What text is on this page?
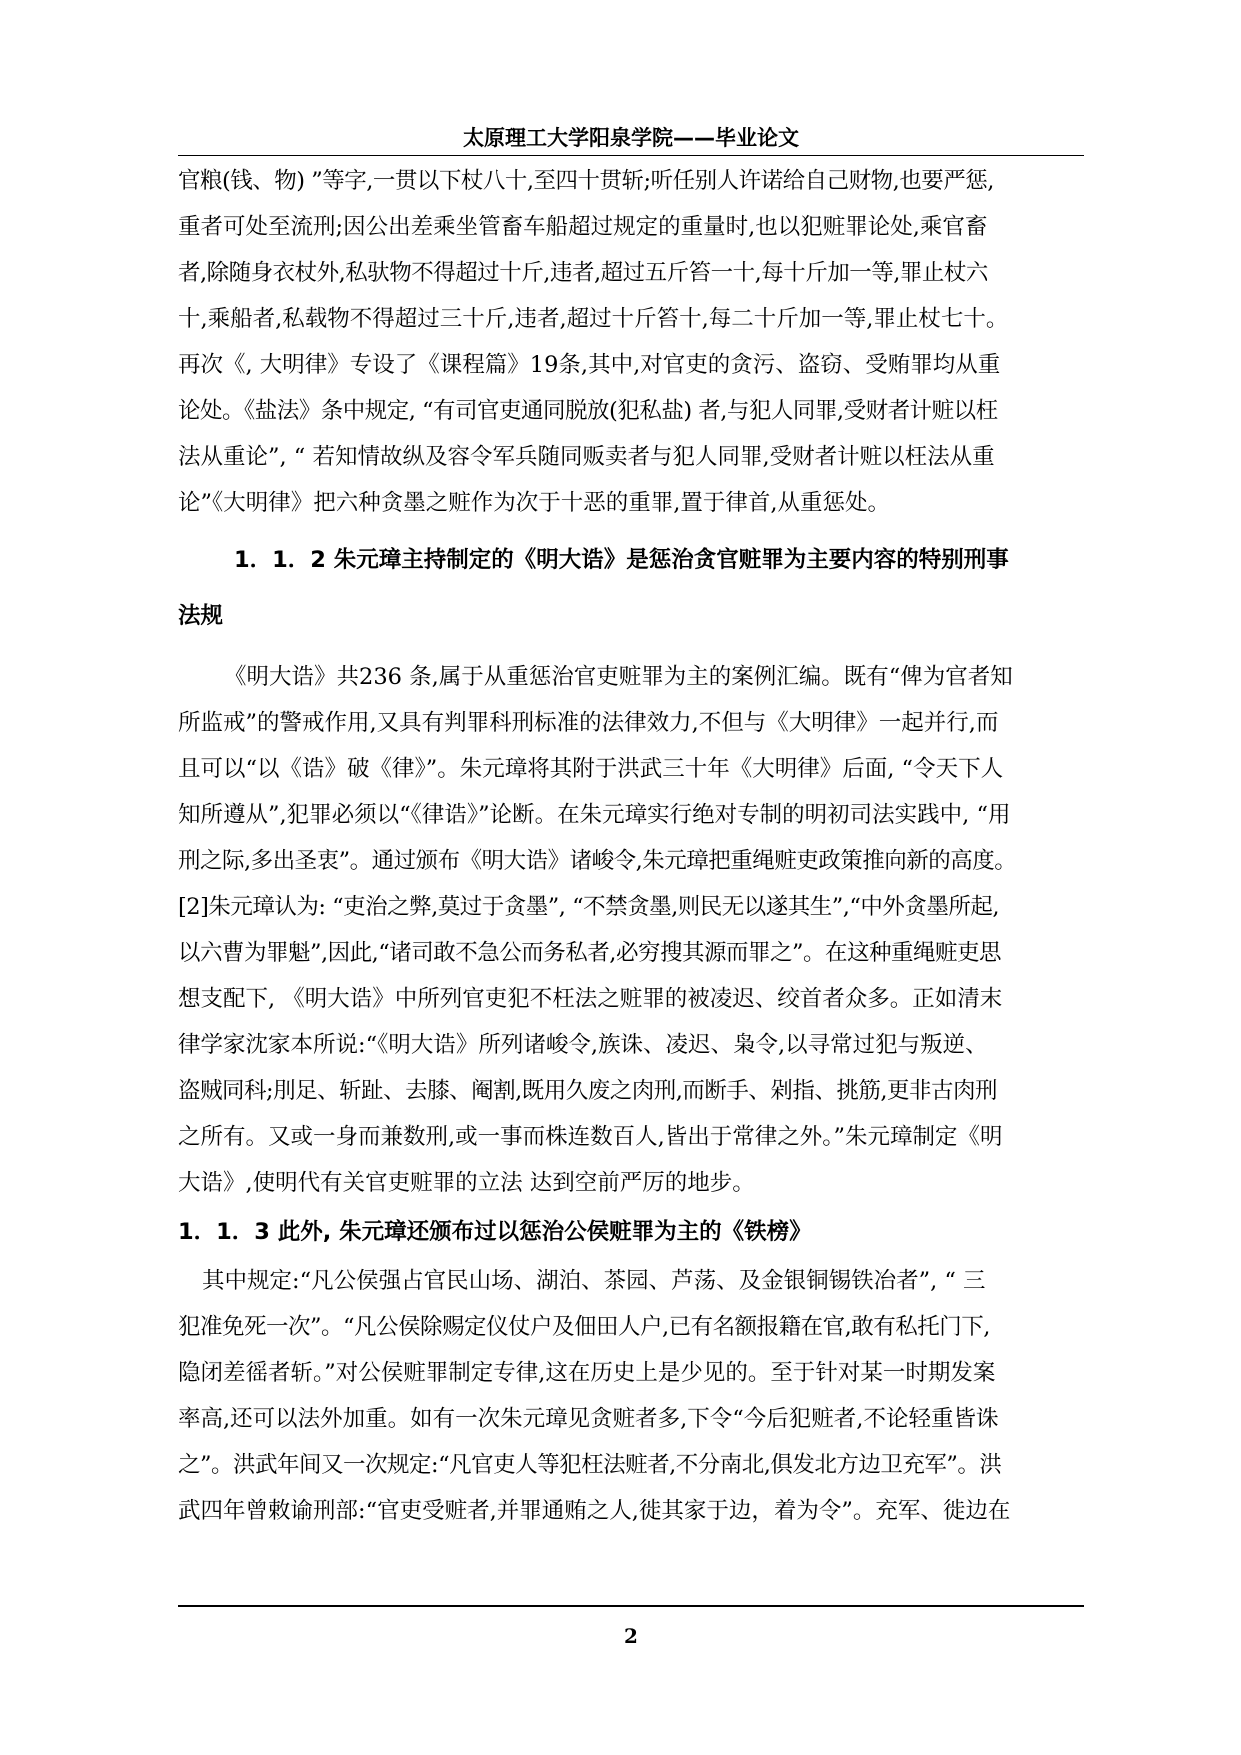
太原理工大学阳泉学院——毕业论文
官粮(钱、物) ”等字,一贯以下杖八十,至四十贯斩;听任别人许诺给自己财物,也要严惩,
重者可处至流刑;因公出差乘坐管畜车船超过规定的重量时,也以犯赃罪论处,乘官畜
者,除随身衣杖外,私驮物不得超过十斤,违者,超过五斤笞一十,每十斤加一等,罪止杖六
十,乘船者,私载物不得超过三十斤,违者,超过十斤笞十,每二十斤加一等,罪止杖七十。
再次《, 大明律》专设了《课程篇》19条,其中,对官吏的贪污、盗窃、受贿罪均从重
论处。《盐法》条中规定, “有司官吏通同脱放(犯私盐) 者,与犯人同罪,受财者计赃以枉
法从重论”, “ 若知情故纵及容令军兵随同贩卖者与犯人同罪,受财者计赃以枉法从重
论”《大明律》把六种贪墨之赃作为次于十恶的重罪,置于律首,从重惩处。
1．1．2 朱元璋主持制定的《明大诰》是惩治贪官赃罪为主要内容的特别刑事
法规
《明大诰》共236 条,属于从重惩治官吏赃罪为主的案例汇编。既有“俾为官者知
所监戒”的警戒作用,又具有判罪科刑标准的法律效力,不但与《大明律》一起并行,而
且可以“以《诰》破《律》”。朱元璋将其附于洪武三十年《大明律》后面, “令天下人
知所遵从”,犯罪必须以“《律诰》”论断。在朱元璋实行绝对专制的明初司法实践中, “用
刑之际,多出圣衷”。通过颁布《明大诰》诸峻令,朱元璋把重绳赃吏政策推向新的高度。
[2]朱元璋认为: “吏治之弊,莫过于贪墨”, “不禁贪墨,则民无以遂其生”,“中外贪墨所起,
以六曹为罪魁”,因此,“诸司敢不急公而务私者,必穷搜其源而罪之”。在这种重绳赃吏思
想支配下, 《明大诰》中所列官吏犯不枉法之赃罪的被凌迟、绞首者众多。正如清末
律学家沈家本所说:“《明大诰》所列诸峻令,族诛、凌迟、枭令,以寻常过犯与叛逆、
盗贼同科;刖足、斩趾、去膝、阉割,既用久废之肉刑,而断手、剁指、挑筋,更非古肉刑
之所有。又或一身而兼数刑,或一事而株连数百人,皆出于常律之外。”朱元璋制定《明
大诰》,使明代有关官吏赃罪的立法 达到空前严厉的地步。
1．1．3 此外, 朱元璋还颁布过以惩治公侯赃罪为主的《铁榜》
其中规定:“凡公侯强占官民山场、湖泊、茶园、芦荡、及金银铜锡铁冶者”, “ 三
犯准免死一次”。“凡公侯除赐定仪仗户及佃田人户,已有名额报籍在官,敢有私托门下,
隐闭差徭者斩。”对公侯赃罪制定专律,这在历史上是少见的。至于针对某一时期发案
率高,还可以法外加重。如有一次朱元璋见贪赃者多,下令“今后犯赃者,不论轻重皆诛
之”。洪武年间又一次规定:“凡官吏人等犯枉法赃者,不分南北,俱发北方边卫充军”。洪
武四年曾敕谕刑部:“官吏受赃者,并罪通贿之人,徙其家于边，着为令”。充军、徙边在
2
